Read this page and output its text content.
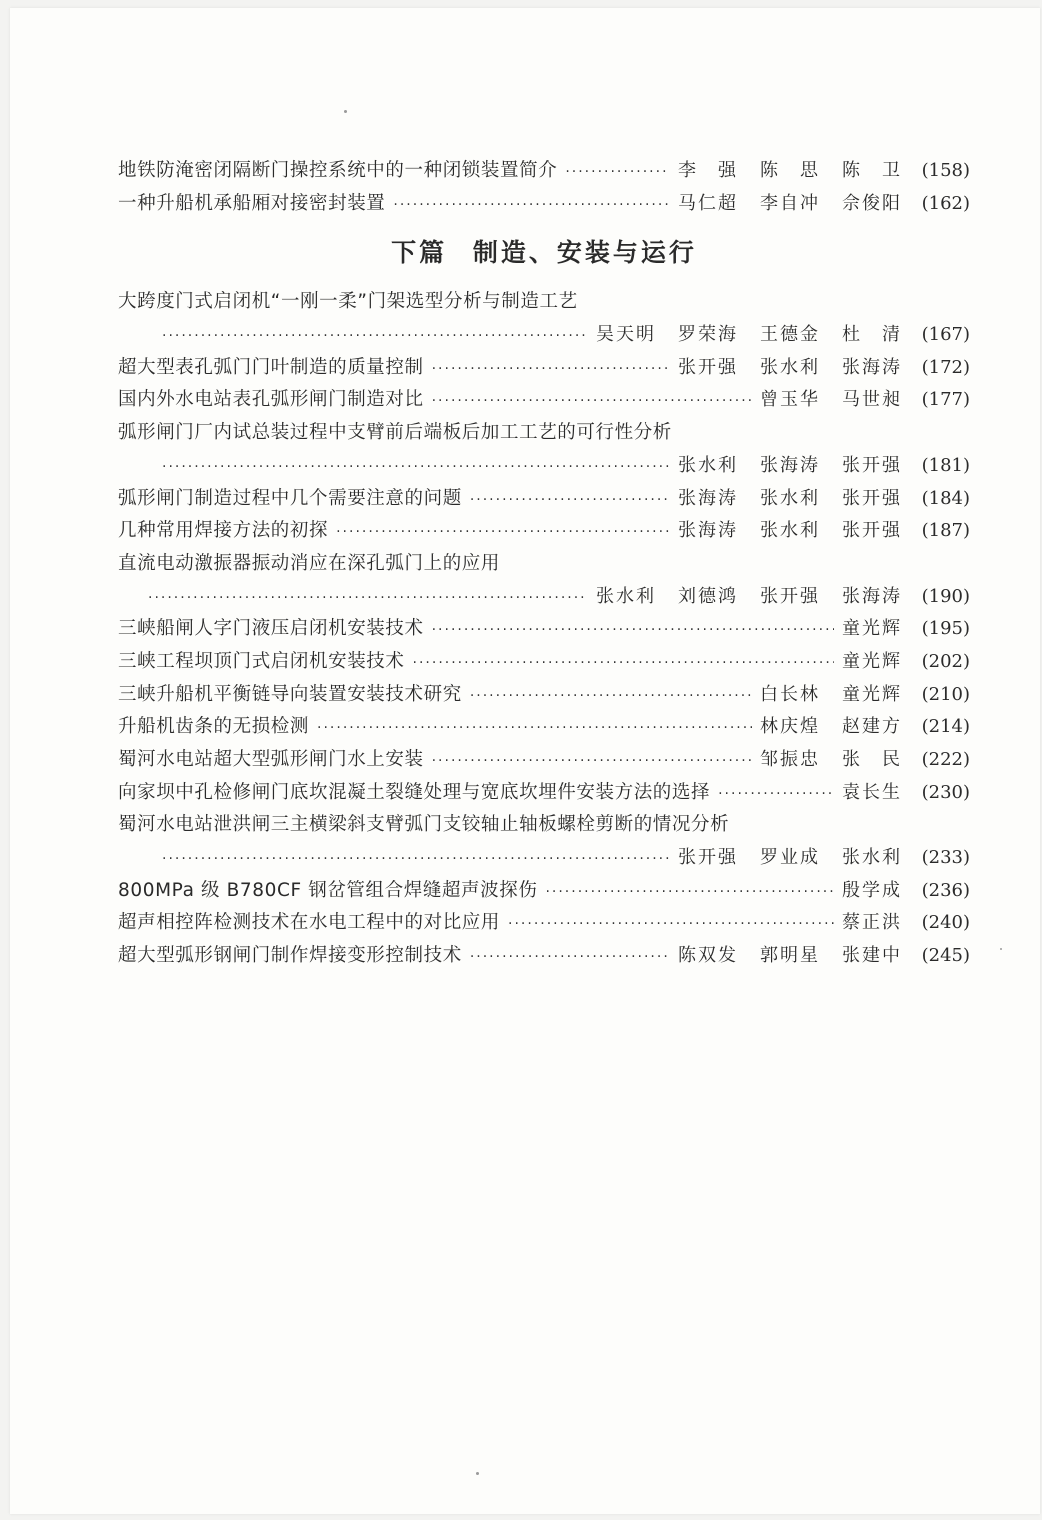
地铁防淹密闭隔断门操控系统中的一种闭锁装置简介 ·····	李　强 陈　思 陈　卫	(158)
一种升船机承船厢对接密封装置 ·····	马仁超 李自冲 佘俊阳	(162)
下篇 制造、安装与运行
大跨度门式启闭机“一刚一柔”门架选型分析与制造工艺
·····
吴天明 罗荣海 王德金 杜　清	(167)
超大型表孔弧门门叶制造的质量控制 ·····	张开强 张水利 张海涛	(172)
国内外水电站表孔弧形闸门制造对比 ·····	曾玉华 马世昶	(177)
弧形闸门厂内试总装过程中支臂前后端板后加工工艺的可行性分析
·····
张水利 张海涛 张开强	(181)
弧形闸门制造过程中几个需要注意的问题 ·····	张海涛 张水利 张开强	(184)
几种常用焊接方法的初探 ·····	张海涛 张水利 张开强	(187)
直流电动激振器振动消应在深孔弧门上的应用
·····
张水利 刘德鸿 张开强 张海涛	(190)
三峡船闸人字门液压启闭机安装技术 ·····	童光辉	(195)
三峡工程坝顶门式启闭机安装技术 ·····	童光辉	(202)
三峡升船机平衡链导向装置安装技术研究 ·····	白长林 童光辉	(210)
升船机齿条的无损检测 ·····	林庆煌 赵建方	(214)
蜀河水电站超大型弧形闸门水上安装 ·····	邹振忠 张　民	(222)
向家坝中孔检修闸门底坎混凝土裂缝处理与宽底坎埋件安装方法的选择 ·····	袁长生	(230)
蜀河水电站泄洪闸三主横梁斜支臂弧门支铰轴止轴板螺栓剪断的情况分析
·····
张开强 罗业成 张水利	(233)
800MPa 级 B780CF 钢岔管组合焊缝超声波探伤 ·····	殷学成	(236)
超声相控阵检测技术在水电工程中的对比应用 ·····	蔡正洪	(240)
超大型弧形钢闸门制作焊接变形控制技术 ·····	陈双发 郭明星 张建中	(245)
